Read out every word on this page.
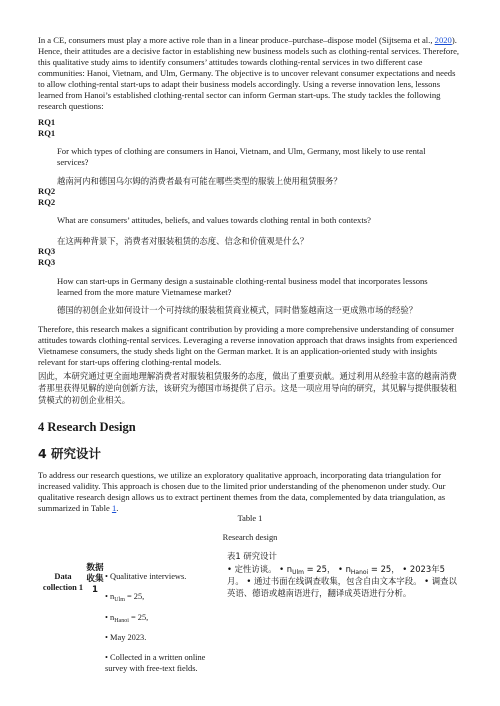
In a CE, consumers must play a more active role than in a linear produce–purchase–dispose model (Sijtsema et al., 2020). Hence, their attitudes are a decisive factor in establishing new business models such as clothing-rental services. Therefore, this qualitative study aims to identify consumers’ attitudes towards clothing-rental services in two different case communities: Hanoi, Vietnam, and Ulm, Germany. The objective is to uncover relevant consumer expectations and needs to allow clothing-rental start-ups to adapt their business models accordingly. Using a reverse innovation lens, lessons learned from Hanoi’s established clothing-rental sector can inform German start-ups. The study tackles the following research questions:

RQ1
RQ1

For which types of clothing are consumers in Hanoi, Vietnam, and Ulm, Germany, most likely to use rental services?

越南河内和德国乌尔姆的消费者最有可能在哪些类型的服装上使用租赁服务？

RQ2
RQ2

What are consumers’ attitudes, beliefs, and values towards clothing rental in both contexts?

在这两种背景下，消费者对服装租赁的态度、信念和价值观是什么？

RQ3
RQ3

How can start-ups in Germany design a sustainable clothing-rental business model that incorporates lessons learned from the more mature Vietnamese market?

德国的初创企业如何设计一个可持续的服装租赁商业模式，同时借鉴越南这一更成熟市场的经验？

Therefore, this research makes a significant contribution by providing a more comprehensive understanding of consumer attitudes towards clothing-rental services. Leveraging a reverse innovation approach that draws insights from experienced Vietnamese consumers, the study sheds light on the German market. It is an application-oriented study with insights relevant for start-ups offering clothing-rental models.

因此，本研究通过更全面地理解消费者对服装租赁服务的态度，做出了重要贡献。通过利用从经验丰富的越南消费者那里获得见解的逆向创新方法，该研究为德国市场提供了启示。这是一项应用导向的研究，其见解与提供服装租赁模式的初创企业相关。

4 Research Design
4 研究设计

To address our research questions, we utilize an exploratory qualitative approach, incorporating data triangulation for increased validity. This approach is chosen due to the limited prior understanding of the phenomenon under study. Our qualitative research design allows us to extract pertinent themes from the data, complemented by data triangulation, as summarized in Table 1.

Table 1
Research design
Data collection 1
数据收集 1
• Qualitative interviews.
• $n_{Ulm} = 25$,
• $n_{Hanoi} = 25$,
• May 2023.
• Collected in a written online survey with free-text fields.
表1 研究设计
• 定性访谈。 • $n_{Ulm} = 25$， • $n_{Hanoi} = 25$， • 2023年5月。 • 通过书面在线调查收集，包含自由文本字段。 • 调查以英语、德语或越南语进行，翻译成英语进行分析。
